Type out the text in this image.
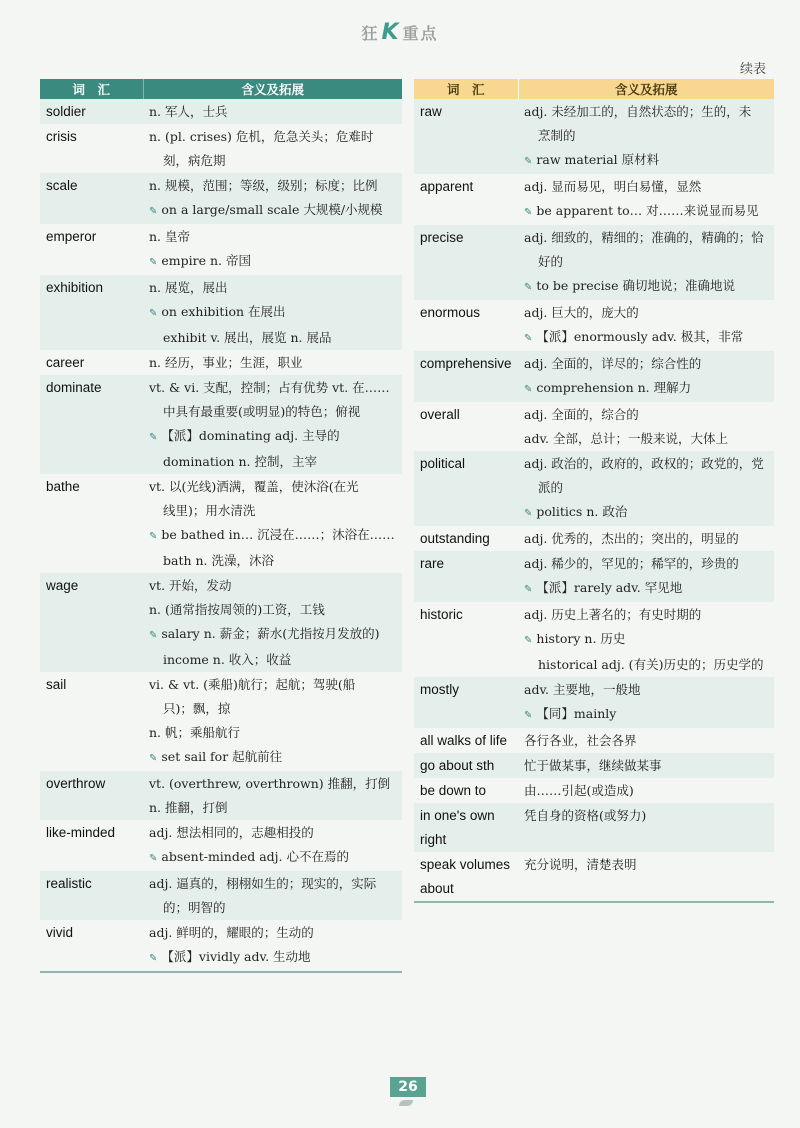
狂K 重点
续表
词　汇	含义及拓展
soldier	n. 军人，士兵

crisis	n. (pl. crises) 危机，危急关头；危难时
刻，病危期

scale	n. 规模，范围；等级，级别；标度；比例
✎ on a large/small scale 大规模/小规模

emperor	n. 皇帝
✎ empire n. 帝国

exhibition	n. 展览，展出
✎ on exhibition 在展出
exhibit v. 展出，展览 n. 展品

career	n. 经历，事业；生涯，职业

dominate	vt. & vi. 支配，控制；占有优势 vt. 在……
中具有最重要(或明显)的特色；俯视
✎ 【派】dominating adj. 主导的
domination n. 控制，主宰

bathe	vt. 以(光线)洒满，覆盖，使沐浴(在光
线里)；用水清洗
✎ be bathed in… 沉浸在……；沐浴在……
bath n. 洗澡，沐浴

wage	vt. 开始，发动
n. (通常指按周领的)工资，工钱
✎ salary n. 薪金；薪水(尤指按月发放的)
income n. 收入；收益

sail	vi. & vt. (乘船)航行；起航；驾驶(船
只)；飘，掠
n. 帆；乘船航行
✎ set sail for 起航前往

overthrow	vt. (overthrew, overthrown) 推翻，打倒
n. 推翻，打倒

like-minded	adj. 想法相同的，志趣相投的
✎ absent-minded adj. 心不在焉的

realistic	adj. 逼真的，栩栩如生的；现实的，实际
的；明智的

vivid	adj. 鲜明的，耀眼的；生动的
✎ 【派】vividly adv. 生动地
词　汇	含义及拓展
raw	adj. 未经加工的，自然状态的；生的，未
烹制的
✎ raw material 原材料

apparent	adj. 显而易见，明白易懂，显然
✎ be apparent to… 对……来说显而易见

precise	adj. 细致的，精细的；准确的，精确的；恰
好的
✎ to be precise 确切地说；准确地说

enormous	adj. 巨大的，庞大的
✎ 【派】enormously adv. 极其，非常

comprehensive	adj. 全面的，详尽的；综合性的
✎ comprehension n. 理解力

overall	adj. 全面的，综合的
adv. 全部，总计；一般来说，大体上

political	adj. 政治的，政府的，政权的；政党的，党
派的
✎ politics n. 政治

outstanding	adj. 优秀的，杰出的；突出的，明显的

rare	adj. 稀少的，罕见的；稀罕的，珍贵的
✎ 【派】rarely adv. 罕见地

historic	adj. 历史上著名的；有史时期的
✎ history n. 历史
historical adj. (有关)历史的；历史学的

mostly	adv. 主要地，一般地
✎ 【同】mainly

all walks of life	各行各业，社会各界

go about sth	忙于做某事，继续做某事

be down to	由……引起(或造成)

in one's own right	凭自身的资格(或努力)

speak volumes about	充分说明，清楚表明
26
